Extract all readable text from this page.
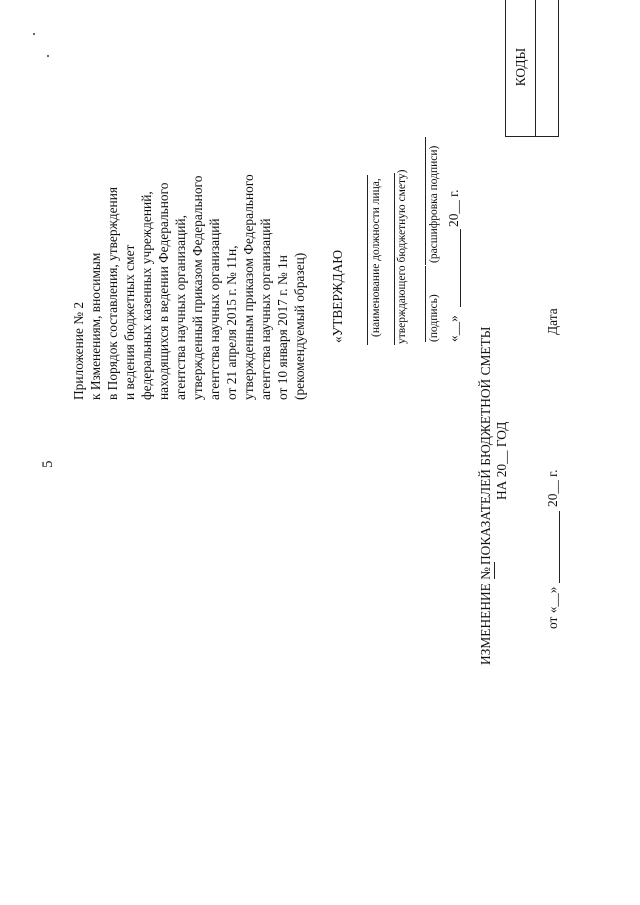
5
Приложение № 2 к Изменениям, вносимым в Порядок составления, утверждения и ведения бюджетных смет федеральных казенных учреждений, находящихся в ведении Федерального агентства научных организаций, утвержденный приказом Федерального агентства научных организаций от 21 апреля 2015 г. № 11н, утвержденным приказом Федерального агентства научных организаций от 10 января 2017 г. № 1н (рекомендуемый образец) «УТВЕРЖДАЮ (наименование должности лица, утверждающего бюджетную смету) (подпись)
(расшифровка подписи)
«__»
20__ г.
ПОКАЗАТЕЛЕЙ БЮДЖЕТНОЙ СМЕТЫ НА 20__ ГОД
ИЗМЕНЕНИЕ №	от «__»
20__ г.
Дата
КОДЫ
